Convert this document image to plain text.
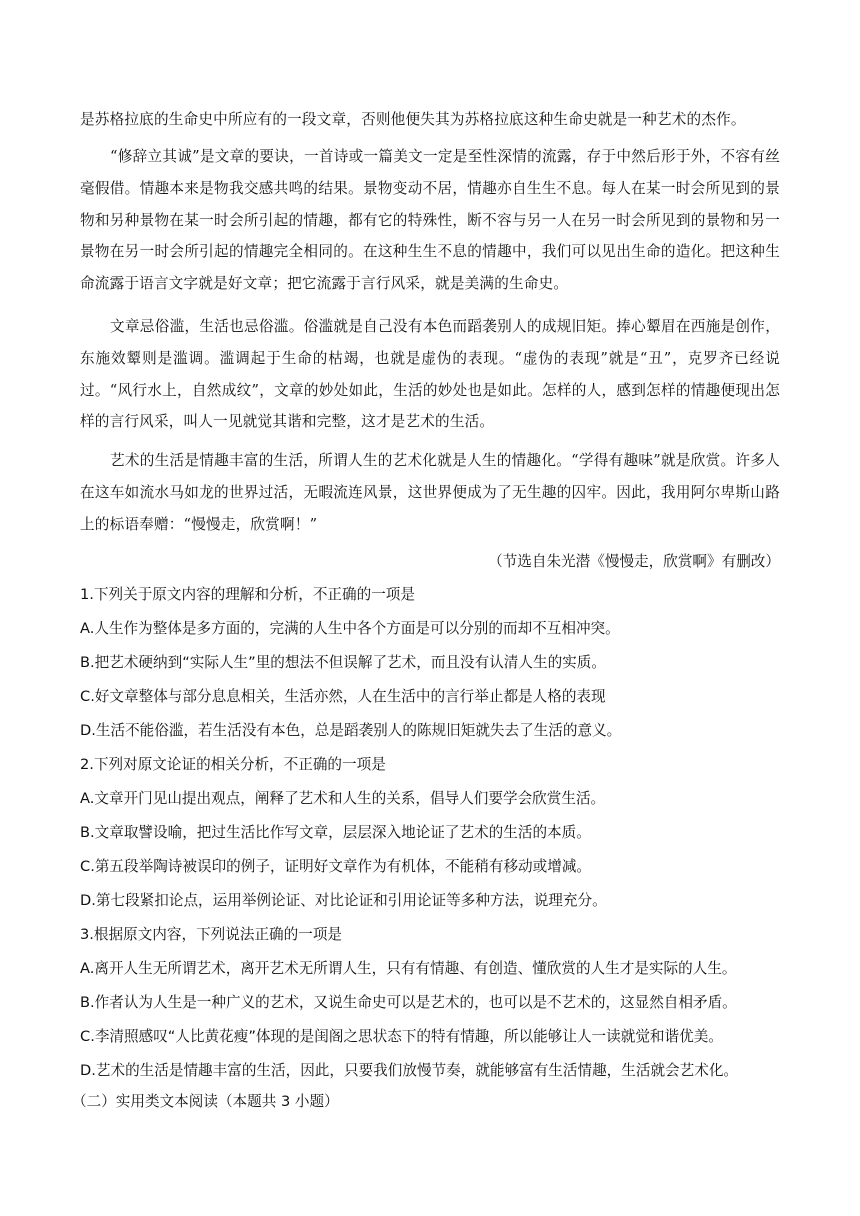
是苏格拉底的生命史中所应有的一段文章，否则他便失其为苏格拉底这种生命史就是一种艺术的杰作。
“修辞立其诚”是文章的要诀，一首诗或一篇美文一定是至性深情的流露，存于中然后形于外，不容有丝毫假借。情趣本来是物我交感共鸣的结果。景物变动不居，情趣亦自生生不息。每人在某一时会所见到的景物和另种景物在某一时会所引起的情趣，都有它的特殊性，断不容与另一人在另一时会所见到的景物和另一景物在另一时会所引起的情趣完全相同的。在这种生生不息的情趣中，我们可以见出生命的造化。把这种生命流露于语言文字就是好文章；把它流露于言行风采，就是美满的生命史。
文章忌俗滥，生活也忌俗滥。俗滥就是自己没有本色而蹈袭别人的成规旧矩。捧心颦眉在西施是创作，东施效颦则是滥调。滥调起于生命的枯竭，也就是虚伪的表现。“虚伪的表现”就是“丑”，克罗齐已经说过。“风行水上，自然成纹”，文章的妙处如此，生活的妙处也是如此。怎样的人，感到怎样的情趣便现出怎样的言行风采，叫人一见就觉其谐和完整，这才是艺术的生活。
艺术的生活是情趣丰富的生活，所谓人生的艺术化就是人生的情趣化。“学得有趣味”就是欣赏。许多人在这车如流水马如龙的世界过活，无暇流连风景，这世界便成为了无生趣的囚牢。因此，我用阿尔卑斯山路上的标语奉赠：“慢慢走，欣赏啊！”
（节选自朱光潜《慢慢走，欣赏啊》有删改）
1.下列关于原文内容的理解和分析，不正确的一项是
A.人生作为整体是多方面的，完满的人生中各个方面是可以分别的而却不互相冲突。
B.把艺术硬纳到“实际人生”里的想法不但误解了艺术，而且没有认清人生的实质。
C.好文章整体与部分息息相关，生活亦然，人在生活中的言行举止都是人格的表现
D.生活不能俗滥，若生活没有本色，总是蹈袭别人的陈规旧矩就失去了生活的意义。
2.下列对原文论证的相关分析，不正确的一项是
A.文章开门见山提出观点，阐释了艺术和人生的关系，倡导人们要学会欣赏生活。
B.文章取譬设喻，把过生活比作写文章，层层深入地论证了艺术的生活的本质。
C.第五段举陶诗被误印的例子，证明好文章作为有机体，不能稍有移动或增减。
D.第七段紧扣论点，运用举例论证、对比论证和引用论证等多种方法，说理充分。
3.根据原文内容，下列说法正确的一项是
A.离开人生无所谓艺术，离开艺术无所谓人生，只有有情趣、有创造、懂欣赏的人生才是实际的人生。
B.作者认为人生是一种广义的艺术，又说生命史可以是艺术的，也可以是不艺术的，这显然自相矛盾。
C.李清照感叹“人比黄花瘦”体现的是闺阁之思状态下的特有情趣，所以能够让人一读就觉和谐优美。
D.艺术的生活是情趣丰富的生活，因此，只要我们放慢节奏，就能够富有生活情趣，生活就会艺术化。
（二）实用类文本阅读（本题共 3 小题）
